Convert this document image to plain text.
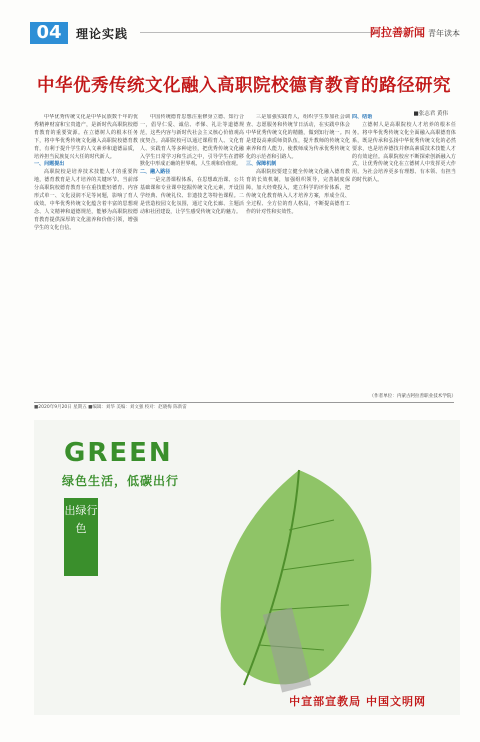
04	理论实践	阿拉善新闻 青年读本
中华优秀传统文化融入高职院校德育教育的路径研究
■张志君 黄伟

中华优秀传统文化是中华民族数千年的优秀精神财富和宝贵遗产，是新时代高职院校德育教育的重要资源。在立德树人的根本任务下，将中华优秀传统文化融入高职院校德育教育，有利于提升学生的人文素养和道德品质，培养担当民族复兴大任的时代新人。

一、问题提出

高职院校是培养技术技能人才的重要阵地，德育教育是人才培养的关键环节。当前部分高职院校德育教育存在重技能轻德育、内容形式单一、文化浸润不足等问题，影响了育人成效。中华优秀传统文化蕴含着丰富的思想观念、人文精神和道德规范，能够为高职院校德育教育提供深厚的文化滋养和价值引领，增强学生的文化自信。

中国传统德育思想注重修身立德、知行合一，倡导仁爱、诚信、孝悌、礼让等道德规范，这些内容与新时代社会主义核心价值观高度契合。高职院校可以通过课程育人、文化育人、实践育人等多种途径，把优秀传统文化融入学生日常学习和生活之中，引导学生在潜移默化中形成正确的世界观、人生观和价值观。

二、融入路径

一是完善课程体系，在思想政治课、公共基础课和专业课中挖掘传统文化元素，开设国学经典、传统礼仪、非遗技艺等特色课程。二是营造校园文化氛围，通过文化长廊、主题活动和社团建设，让学生感受传统文化的魅力。

三是加强实践育人，组织学生参加社会调查、志愿服务和传统节日活动，在实践中体会中华优秀传统文化的精髓，做到知行统一。四是建设高素质师资队伍，提升教师的传统文化素养和育人能力，使教师成为传承优秀传统文化的示范者和引路人。

三、保障机制

高职院校要建立健全传统文化融入德育教育的长效机制，加强组织领导，完善制度保障，加大经费投入，建立科学的评价体系，把传统文化教育纳入人才培养方案，形成全员、全过程、全方位的育人格局，不断提高德育工作的针对性和实效性。

四、结语

立德树人是高职院校人才培养的根本任务。将中华优秀传统文化全面融入高职德育体系，既是传承和弘扬中华优秀传统文化的必然要求，也是培养德技并修高素质技术技能人才的有效途径。高职院校应不断探索创新融入方式，让优秀传统文化在立德树人中发挥更大作用，为社会培养更多有理想、有本领、有担当的时代新人。

（作者单位：内蒙古阿拉善职业技术学院）
■2020年9月20日 星期五 ■编辑：刘华 美编：刘文强 校对：赵晓梅 陈新雷
GREEN
绿色生活，低碳出行
出绿行色
中宣部宣教局 中国文明网
